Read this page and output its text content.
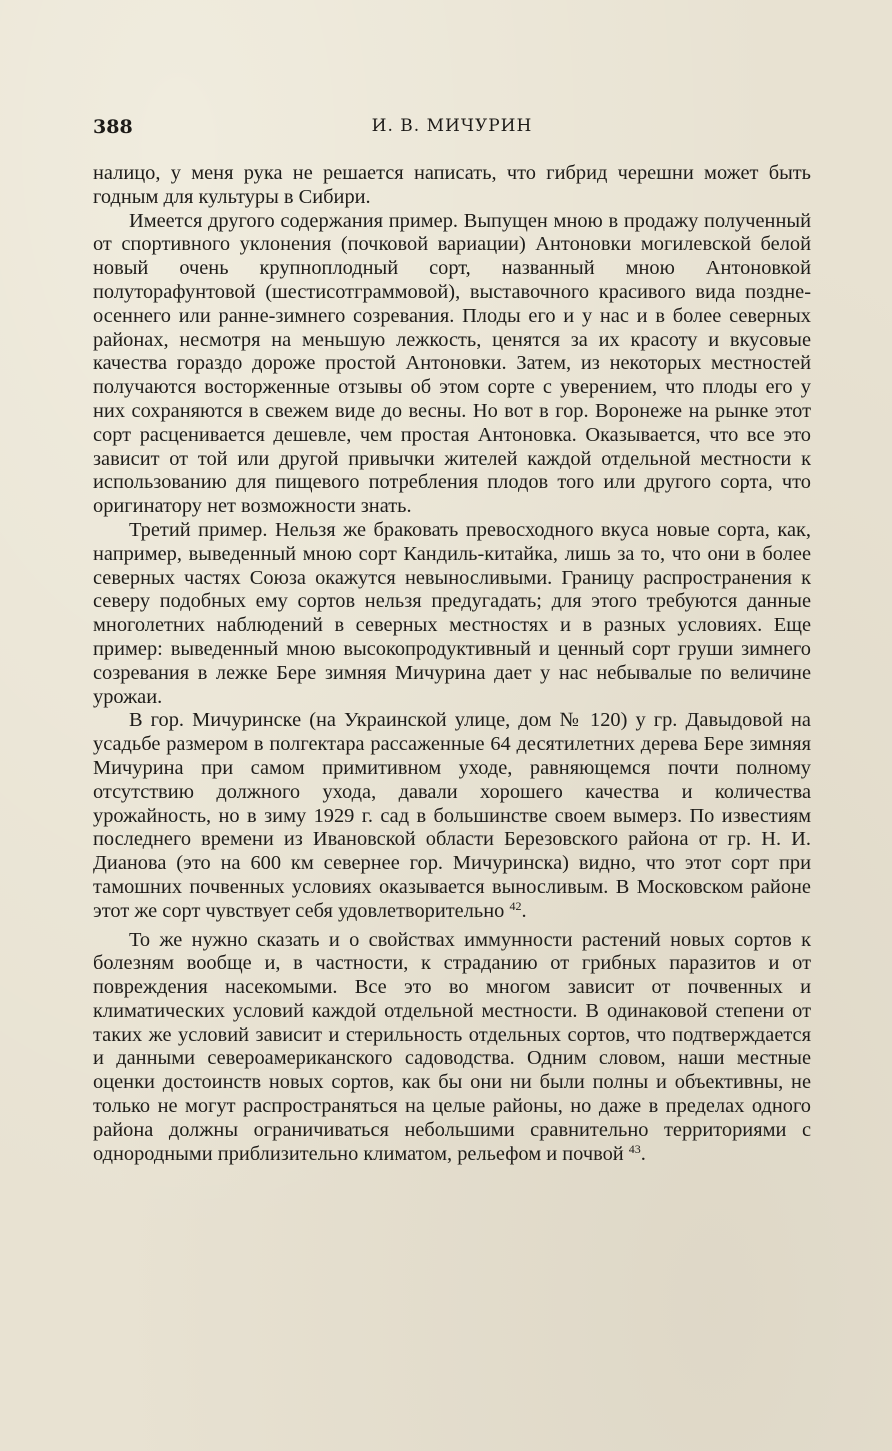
388	И. В. МИЧУРИН

налицо, у меня рука не решается написать, что гибрид черешни может быть годным для культуры в Сибири.

Имеется другого содержания пример. Выпущен мною в продажу полученный от спортивного уклонения (почковой вариации) Антоновки могилевской белой новый очень крупноплодный сорт, названный мною Антоновкой полуторафунтовой (шестисотграммовой), выставочного красивого вида поздне-осеннего или ранне-зимнего созревания. Плоды его и у нас и в более северных районах, несмотря на меньшую лежкость, ценятся за их красоту и вкусовые качества гораздо дороже простой Антоновки. Затем, из некоторых местностей получаются восторженные отзывы об этом сорте с уверением, что плоды его у них сохраняются в свежем виде до весны. Но вот в гор. Воронеже на рынке этот сорт расценивается дешевле, чем простая Антоновка. Оказывается, что все это зависит от той или другой привычки жителей каждой отдельной местности к использованию для пищевого потребления плодов того или другого сорта, что оригинатору нет возможности знать.

Третий пример. Нельзя же браковать превосходного вкуса новые сорта, как, например, выведенный мною сорт Кандиль-китайка, лишь за то, что они в более северных частях Союза окажутся невыносливыми. Границу распространения к северу подобных ему сортов нельзя предугадать; для этого требуются данные многолетних наблюдений в северных местностях и в разных условиях. Еще пример: выведенный мною высокопродуктивный и ценный сорт груши зимнего созревания в лежке Бере зимняя Мичурина дает у нас небывалые по величине урожаи.

В гор. Мичуринске (на Украинской улице, дом № 120) у гр. Давыдовой на усадьбе размером в полгектара рассаженные 64 десятилетних дерева Бере зимняя Мичурина при самом примитивном уходе, равняющемся почти полному отсутствию должного ухода, давали хорошего качества и количества урожайность, но в зиму 1929 г. сад в большинстве своем вымерз. По известиям последнего времени из Ивановской области Березовского района от гр. Н. И. Дианова (это на 600 км севернее гор. Мичуринска) видно, что этот сорт при тамошних почвенных условиях оказывается выносливым. В Московском районе этот же сорт чувствует себя удовлетворительно $^{42}$.

То же нужно сказать и о свойствах иммунности растений новых сортов к болезням вообще и, в частности, к страданию от грибных паразитов и от повреждения насекомыми. Все это во многом зависит от почвенных и климатических условий каждой отдельной местности. В одинаковой степени от таких же условий зависит и стерильность отдельных сортов, что подтверждается и данными североамериканского садоводства. Одним словом, наши местные оценки достоинств новых сортов, как бы они ни были полны и объективны, не только не могут распространяться на целые районы, но даже в пределах одного района должны ограничиваться небольшими сравнительно территориями с однородными приблизительно климатом, рельефом и почвой $^{43}$.
